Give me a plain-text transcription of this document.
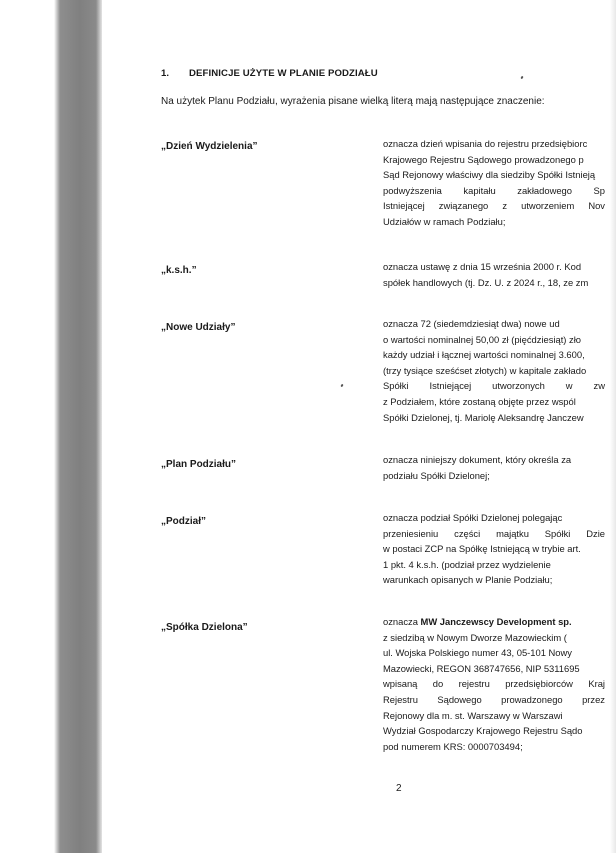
1. DEFINICJE UŻYTE W PLANIE PODZIAŁU
Na użytek Planu Podziału, wyrażenia pisane wielką literą mają następujące znaczenie:
„Dzień Wydzielenia”	oznacza dzień wpisania do rejestru przedsiębiorc
Krajowego Rejestru Sądowego prowadzonego p
Sąd Rejonowy właściwy dla siedziby Spółki Istnieją
podwyższenia kapitału zakładowego Sp
Istniejącej związanego z utworzeniem Nov
Udziałów w ramach Podziału;
„k.s.h.”	oznacza ustawę z dnia 15 września 2000 r. Kod
spółek handlowych (tj. Dz. U. z 2024 r., 18, ze zm
„Nowe Udziały”	oznacza 72 (siedemdziesiąt dwa) nowe ud
o wartości nominalnej 50,00 zł (pięćdziesiąt) zło
każdy udział i łącznej wartości nominalnej 3.600,
(trzy tysiące sześćset złotych) w kapitale zakłado
Spółki Istniejącej utworzonych w zw
z Podziałem, które zostaną objęte przez wspól
Spółki Dzielonej, tj. Mariolę Aleksandrę Janczew
„Plan Podziału”	oznacza niniejszy dokument, który określa za
podziału Spółki Dzielonej;
„Podział”	oznacza podział Spółki Dzielonej polegając
przeniesieniu części majątku Spółki Dzie
w postaci ZCP na Spółkę Istniejącą w trybie art.
1 pkt. 4 k.s.h. (podział przez wydzielenie
warunkach opisanych w Planie Podziału;
„Spółka Dzielona”
oznacza MW Janczewscy Development sp.
z siedzibą w Nowym Dworze Mazowieckim (
ul. Wojska Polskiego numer 43, 05-101 Nowy
Mazowiecki, REGON 368747656, NIP 5311695
wpisaną do rejestru przedsiębiorców Kraj
Rejestru Sądowego prowadzonego przez
Rejonowy dla m. st. Warszawy w Warszawi
Wydział Gospodarczy Krajowego Rejestru Sądo
pod numerem KRS: 0000703494;
2
